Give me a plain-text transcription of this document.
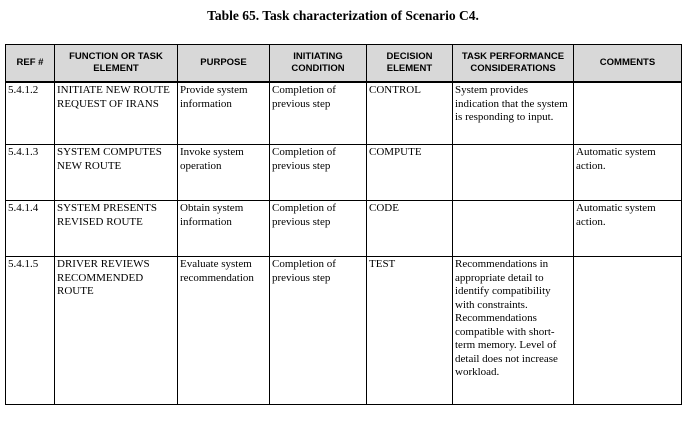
Table 65. Task characterization of Scenario C4.
REF #	FUNCTION OR TASK ELEMENT	PURPOSE	INITIATING CONDITION	DECISION ELEMENT	TASK PERFORMANCE CONSIDERATIONS	COMMENTS
5.4.1.2	INITIATE NEW ROUTE REQUEST OF IRANS	Provide system information	Completion of previous step	CONTROL	System provides indication that the system is responding to input.	
5.4.1.3	SYSTEM COMPUTES NEW ROUTE	Invoke system operation	Completion of previous step	COMPUTE		Automatic system action.
5.4.1.4	SYSTEM PRESENTS REVISED ROUTE	Obtain system information	Completion of previous step	CODE		Automatic system action.
5.4.1.5	DRIVER REVIEWS RECOMMENDED ROUTE	Evaluate system recommendation	Completion of previous step	TEST	Recommendations in appropriate detail to identify compatibility with constraints. Recommendations compatible with short-term memory. Level of detail does not increase workload.	
